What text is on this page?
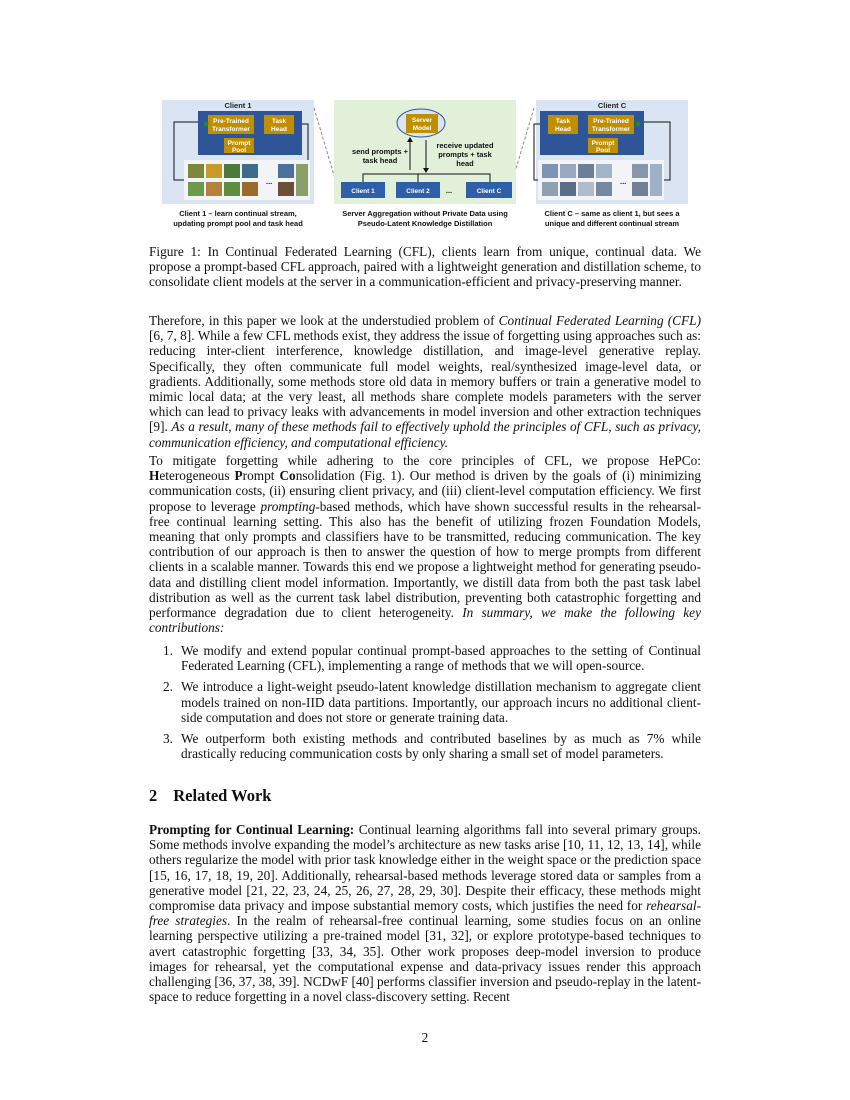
Client 1
Pre-Trained
Transformer
Task
Head
Prompt
Pool
...
Client 1 – learn continual stream,
updating prompt pool and task head
Server
Model
send prompts +
task head
receive updated
prompts + task
head
Client 1	Client 2 ...	Client C
Server Aggregation without Private Data using
Pseudo-Latent Knowledge Distillation
Client C
Task
Head
Pre-Trained
Transformer
Prompt
Pool
...
Client C – same as client 1, but sees a
unique and different continual stream
Figure 1: In Continual Federated Learning (CFL), clients learn from unique, continual data. We propose a prompt-based CFL approach, paired with a lightweight generation and distillation scheme, to consolidate client models at the server in a communication-efficient and privacy-preserving manner.
Therefore, in this paper we look at the understudied problem of Continual Federated Learning (CFL) [6, 7, 8]. While a few CFL methods exist, they address the issue of forgetting using approaches such as: reducing inter-client interference, knowledge distillation, and image-level generative replay. Specifically, they often communicate full model weights, real/synthesized image-level data, or gradients. Additionally, some methods store old data in memory buffers or train a generative model to mimic local data; at the very least, all methods share complete models parameters with the server which can lead to privacy leaks with advancements in model inversion and other extraction techniques [9]. As a result, many of these methods fail to effectively uphold the principles of CFL, such as privacy, communication efficiency, and computational efficiency.
To mitigate forgetting while adhering to the core principles of CFL, we propose HePCo: Heterogeneous Prompt Consolidation (Fig. 1). Our method is driven by the goals of (i) minimizing communication costs, (ii) ensuring client privacy, and (iii) client-level computation efficiency. We first propose to leverage prompting-based methods, which have shown successful results in the rehearsal-free continual learning setting. This also has the benefit of utilizing frozen Foundation Models, meaning that only prompts and classifiers have to be transmitted, reducing communication. The key contribution of our approach is then to answer the question of how to merge prompts from different clients in a scalable manner. Towards this end we propose a lightweight method for generating pseudo-data and distilling client model information. Importantly, we distill data from both the past task label distribution as well as the current task label distribution, preventing both catastrophic forgetting and performance degradation due to client heterogeneity. In summary, we make the following key contributions:
1. We modify and extend popular continual prompt-based approaches to the setting of Continual Federated Learning (CFL), implementing a range of methods that we will open-source.
2. We introduce a light-weight pseudo-latent knowledge distillation mechanism to aggregate client models trained on non-IID data partitions. Importantly, our approach incurs no additional client-side computation and does not store or generate training data.
3. We outperform both existing methods and contributed baselines by as much as 7% while drastically reducing communication costs by only sharing a small set of model parameters.
2 Related Work
Prompting for Continual Learning: Continual learning algorithms fall into several primary groups. Some methods involve expanding the model’s architecture as new tasks arise [10, 11, 12, 13, 14], while others regularize the model with prior task knowledge either in the weight space or the prediction space [15, 16, 17, 18, 19, 20]. Additionally, rehearsal-based methods leverage stored data or samples from a generative model [21, 22, 23, 24, 25, 26, 27, 28, 29, 30]. Despite their efficacy, these methods might compromise data privacy and impose substantial memory costs, which justifies the need for rehearsal-free strategies. In the realm of rehearsal-free continual learning, some studies focus on an online learning perspective utilizing a pre-trained model [31, 32], or explore prototype-based techniques to avert catastrophic forgetting [33, 34, 35]. Other work proposes deep-model inversion to produce images for rehearsal, yet the computational expense and data-privacy issues render this approach challenging [36, 37, 38, 39]. NCDwF [40] performs classifier inversion and pseudo-replay in the latent-space to reduce forgetting in a novel class-discovery setting. Recent
2
